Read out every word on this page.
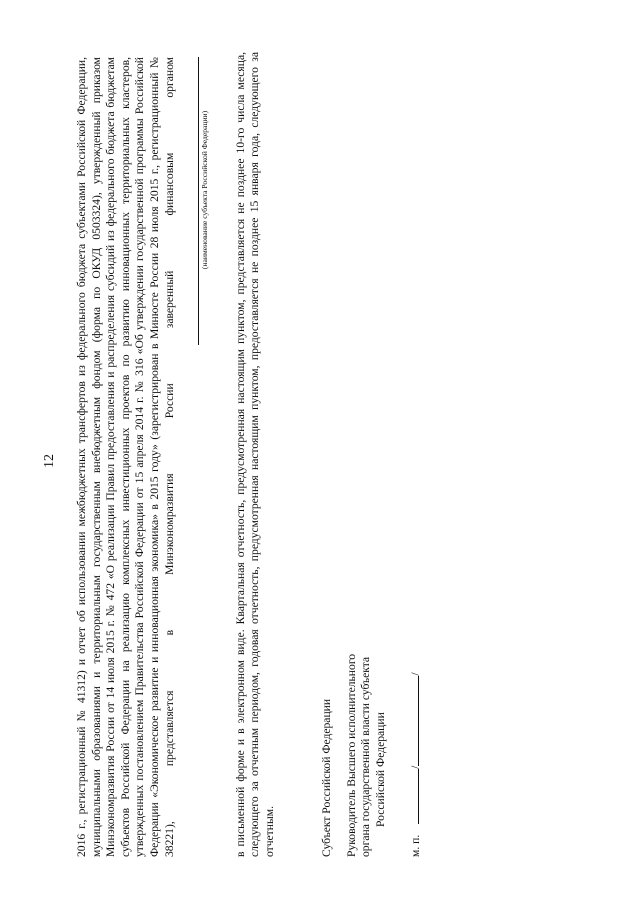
12 2016 г., регистрационный № 41312) и отчет об использовании межбюджетных трансфертов из федерального бюджета субъектами Российской Федерации, муниципальными образованиями и территориальным государственным внебюджетным фондом (форма по ОКУД 0503324), утвержденный приказом Минэкономразвития России от 14 июля 2015 г. № 472 «О реализации Правил предоставления и распределения субсидий из федерального бюджета бюджетам субъектов Российской Федерации на реализацию комплексных инвестиционных проектов по развитию инновационных территориальных кластеров, утвержденных постановлением Правительства Российской Федерации от 15 апреля 2014 г. № 316 «Об утверждении государственной программы Российской Федерации «Экономическое развитие и инновационная экономика» в 2015 году» (зарегистрирован в Минюсте России 28 июля 2015 г., регистрационный № 38221), представляется в Минэкономразвития России заверенный финансовым органом	(наименование субъекта Российской Федерации) в письменной форме и в электронном виде. Квартальная отчетность, предусмотренная настоящим пунктом, представляется не позднее 10-го числа месяца, следующего за отчетным периодом, годовая отчетность, предусмотренная настоящим пунктом, предоставляется не позднее 15 января года, следующего за отчетным.	Субъект Российской Федерации Руководитель Высшего исполнительного органа государственной власти субъекта Российской Федерации
м. п. //
